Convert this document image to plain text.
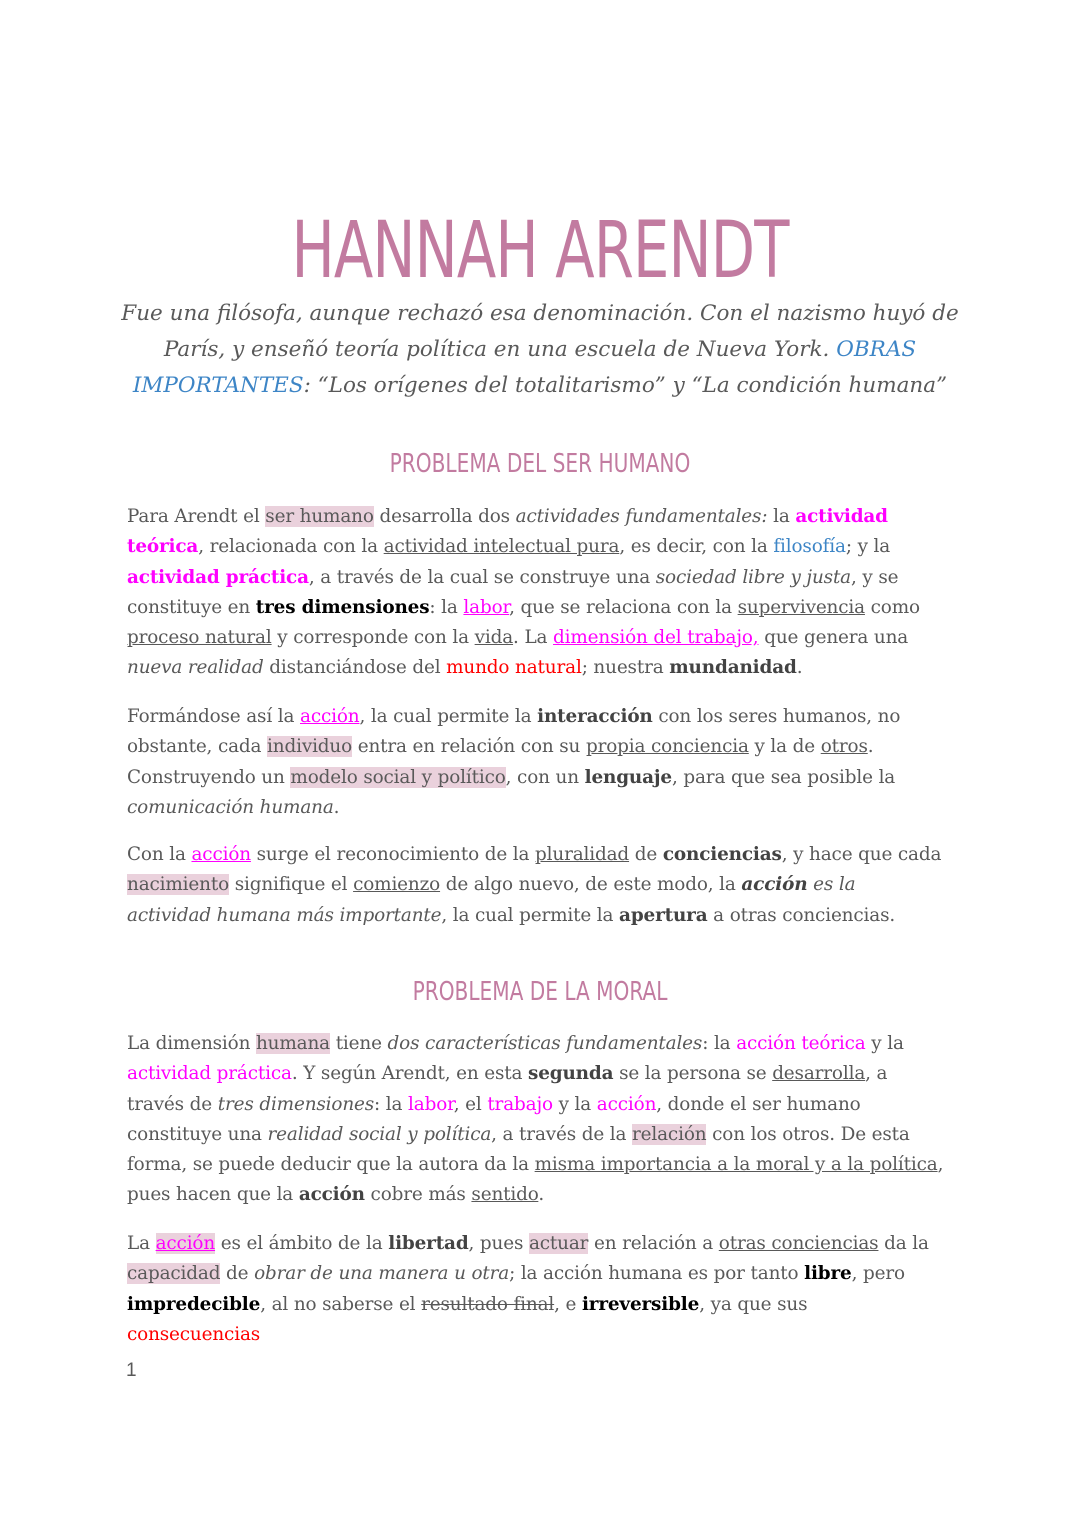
HANNAH ARENDT

Fue una filósofa, aunque rechazó esa denominación. Con el nazismo huyó de París, y enseñó teoría política en una escuela de Nueva York. OBRAS IMPORTANTES: “Los orígenes del totalitarismo” y “La condición humana”

PROBLEMA DEL SER HUMANO

Para Arendt el ser humano desarrolla dos actividades fundamentales: la actividad teórica, relacionada con la actividad intelectual pura, es decir, con la filosofía; y la actividad práctica, a través de la cual se construye una sociedad libre y justa, y se constituye en tres dimensiones: la labor, que se relaciona con la supervivencia como proceso natural y corresponde con la vida. La dimensión del trabajo, que genera una nueva realidad distanciándose del mundo natural; nuestra mundanidad.

Formándose así la acción, la cual permite la interacción con los seres humanos, no obstante, cada individuo entra en relación con su propia conciencia y la de otros. Construyendo un modelo social y político, con un lenguaje, para que sea posible la comunicación humana.

Con la acción surge el reconocimiento de la pluralidad de conciencias, y hace que cada nacimiento signifique el comienzo de algo nuevo, de este modo, la acción es la actividad humana más importante, la cual permite la apertura a otras conciencias.

PROBLEMA DE LA MORAL

La dimensión humana tiene dos características fundamentales: la acción teórica y la actividad práctica. Y según Arendt, en esta segunda se la persona se desarrolla, a través de tres dimensiones: la labor, el trabajo y la acción, donde el ser humano constituye una realidad social y política, a través de la relación con los otros. De esta forma, se puede deducir que la autora da la misma importancia a la moral y a la política, pues hacen que la acción cobre más sentido.

La acción es el ámbito de la libertad, pues actuar en relación a otras conciencias da la capacidad de obrar de una manera u otra; la acción humana es por tanto libre, pero impredecible, al no saberse el resultado final, e irreversible, ya que sus consecuencias

1
